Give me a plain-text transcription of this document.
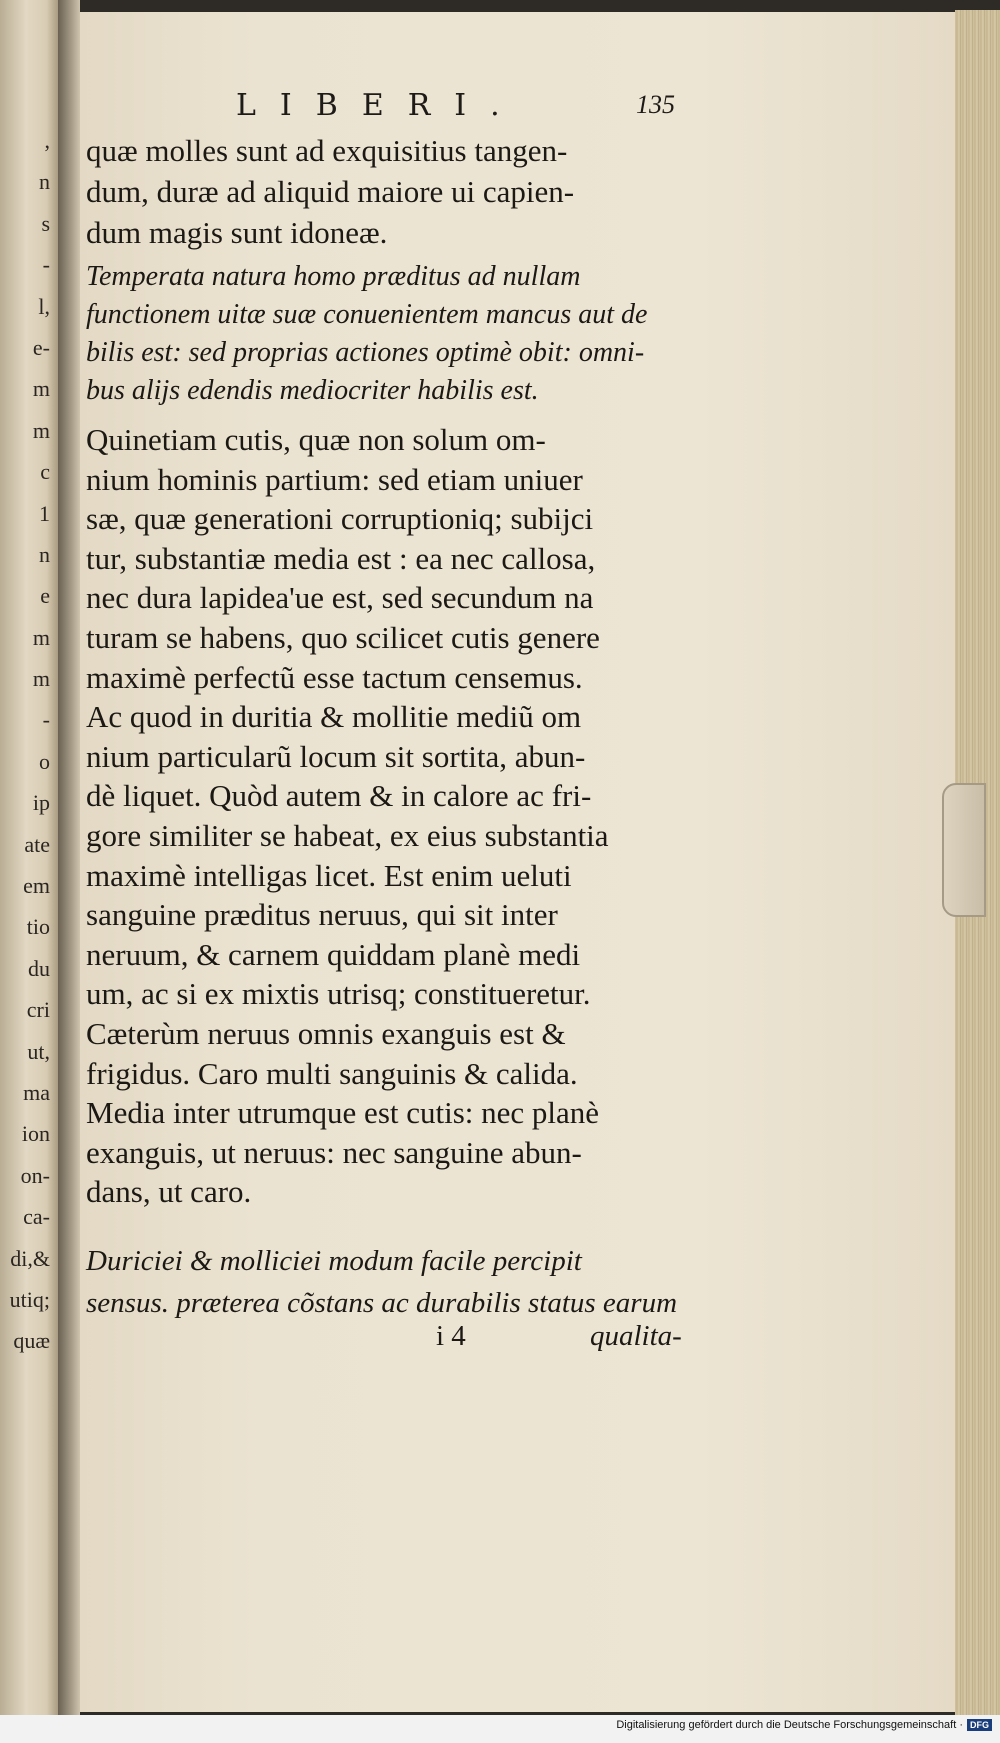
,
n
s
-
l,
e-
m
m
c
1
n
e
m
m
-
o
ip
ate
em
tio
du
cri
ut,
ma
ion
on-
ca-
di,&
utiq;
quæ
LIBERI.	135
quæ molles sunt ad exquisitius tangen-
dum, duræ ad aliquid maiore ui capien-
dum magis sunt idoneæ.
Temperata natura homo præditus ad nullam
functionem uitæ suæ conuenientem mancus aut de
bilis est: sed proprias actiones optimè obit: omni-
bus alijs edendis mediocriter habilis est.
Quinetiam cutis, quæ non solum om-
nium hominis partium: sed etiam uniuer
sæ, quæ generationi corruptioniq; subijci
tur, substantiæ media est : ea nec callosa,
nec dura lapidea'ue est, sed secundum na
turam se habens, quo scilicet cutis genere
maximè perfectũ esse tactum censemus.
Ac quod in duritia & mollitie mediũ om
nium particularũ locum sit sortita, abun-
dè liquet. Quòd autem & in calore ac fri-
gore similiter se habeat, ex eius substantia
maximè intelligas licet. Est enim ueluti
sanguine præditus neruus, qui sit inter
neruum, & carnem quiddam planè medi
um, ac si ex mixtis utrisq; constitueretur.
Cæterùm neruus omnis exanguis est &
frigidus. Caro multi sanguinis & calida.
Media inter utrumque est cutis: nec planè
exanguis, ut neruus: nec sanguine abun-
dans, ut caro.
Duriciei & molliciei modum facile percipit
sensus. præterea cõstans ac durabilis status earum
i 4	qualita-
Digitalisierung gefördert durch die Deutsche Forschungsgemeinschaft · DFG
